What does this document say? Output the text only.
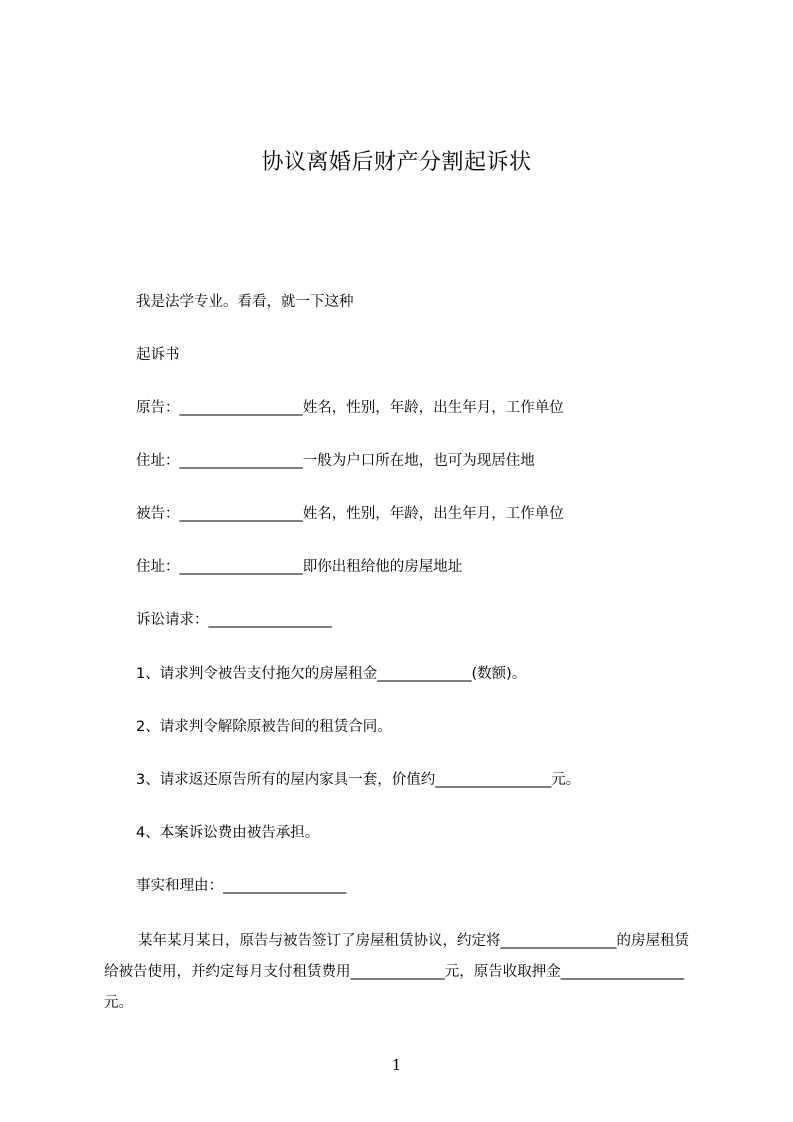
协议离婚后财产分割起诉状
我是法学专业。看看，就一下这种
起诉书
原告：_________________姓名，性别，年龄，出生年月，工作单位
住址：_________________一般为户口所在地，也可为现居住地
被告：_________________姓名，性别，年龄，出生年月，工作单位
住址：_________________即你出租给他的房屋地址
诉讼请求：_________________
1、请求判令被告支付拖欠的房屋租金_____________(数额)。
2、请求判令解除原被告间的租赁合同。
3、请求返还原告所有的屋内家具一套，价值约________________元。
4、本案诉讼费由被告承担。
事实和理由：_________________
某年某月某日，原告与被告签订了房屋租赁协议，约定将________________的房屋租赁给被告使用，并约定每月支付租赁费用_____________元，原告收取押金_________________元。
1
